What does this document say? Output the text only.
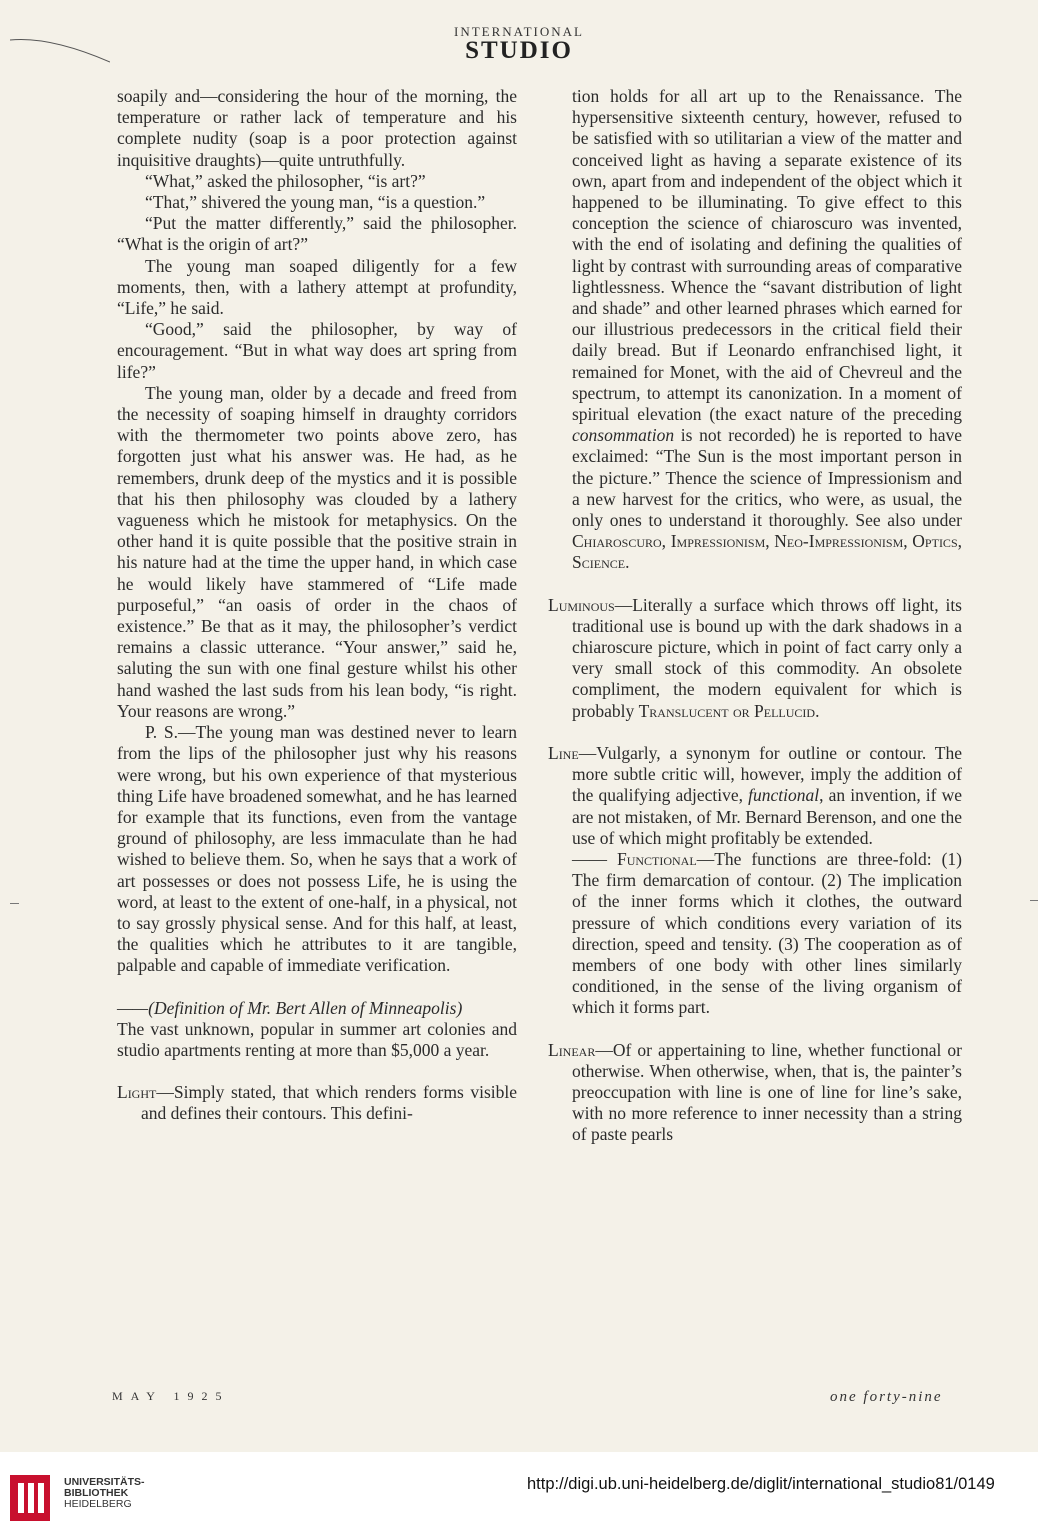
INTERNATIONAL
STUDIO

soapily and—considering the hour of the morning, the temperature or rather lack of temperature and his complete nudity (soap is a poor protection against inquisitive draughts)—quite untruthfully.

“What,” asked the philosopher, “is art?”

“That,” shivered the young man, “is a question.”

“Put the matter differently,” said the philosopher. “What is the origin of art?”

The young man soaped diligently for a few moments, then, with a lathery attempt at profundity, “Life,” he said.

“Good,” said the philosopher, by way of encouragement. “But in what way does art spring from life?”

The young man, older by a decade and freed from the necessity of soaping himself in draughty corridors with the thermometer two points above zero, has forgotten just what his answer was. He had, as he remembers, drunk deep of the mystics and it is possible that his then philosophy was clouded by a lathery vagueness which he mistook for metaphysics. On the other hand it is quite possible that the positive strain in his nature had at the time the upper hand, in which case he would likely have stammered of “Life made purposeful,” “an oasis of order in the chaos of existence.” Be that as it may, the philosopher’s verdict remains a classic utterance. “Your answer,” said he, saluting the sun with one final gesture whilst his other hand washed the last suds from his lean body, “is right. Your reasons are wrong.”

P. S.—The young man was destined never to learn from the lips of the philosopher just why his reasons were wrong, but his own experience of that mysterious thing Life have broadened somewhat, and he has learned for example that its functions, even from the vantage ground of philosophy, are less immaculate than he had wished to believe them. So, when he says that a work of art possesses or does not possess Life, he is using the word, at least to the extent of one-half, in a physical, not to say grossly physical sense. And for this half, at least, the qualities which he attributes to it are tangible, palpable and capable of immediate verification.

——(Definition of Mr. Bert Allen of Minneapolis)

The vast unknown, popular in summer art colonies and studio apartments renting at more than $5,000 a year.

Light—Simply stated, that which renders forms visible and defines their contours. This defini-

tion holds for all art up to the Renaissance. The hypersensitive sixteenth century, however, refused to be satisfied with so utilitarian a view of the matter and conceived light as having a separate existence of its own, apart from and independent of the object which it happened to be illuminating. To give effect to this conception the science of chiaroscuro was invented, with the end of isolating and defining the qualities of light by contrast with surrounding areas of comparative lightlessness. Whence the “savant distribution of light and shade” and other learned phrases which earned for our illustrious predecessors in the critical field their daily bread. But if Leonardo enfranchised light, it remained for Monet, with the aid of Chevreul and the spectrum, to attempt its canonization. In a moment of spiritual elevation (the exact nature of the preceding consommation is not recorded) he is reported to have exclaimed: “The Sun is the most important person in the picture.” Thence the science of Impressionism and a new harvest for the critics, who were, as usual, the only ones to understand it thoroughly. See also under Chiaroscuro, Impressionism, Neo-Impressionism, Optics, Science.

Luminous—Literally a surface which throws off light, its traditional use is bound up with the dark shadows in a chiaroscure picture, which in point of fact carry only a very small stock of this commodity. An obsolete compliment, the modern equivalent for which is probably Translucent or Pellucid.

Line—Vulgarly, a synonym for outline or contour. The more subtle critic will, however, imply the addition of the qualifying adjective, functional, an invention, if we are not mistaken, of Mr. Bernard Berenson, and one the use of which might profitably be extended.

—— Functional—The functions are three-fold: (1) The firm demarcation of contour. (2) The implication of the inner forms which it clothes, the outward pressure of which conditions every variation of its direction, speed and tensity. (3) The cooperation as of members of one body with other lines similarly conditioned, in the sense of the living organism of which it forms part.

Linear—Of or appertaining to line, whether functional or otherwise. When otherwise, when, that is, the painter’s preoccupation with line is one of line for line’s sake, with no more reference to inner necessity than a string of paste pearls

MAY 1925	one forty-nine
UNIVERSITÄTS-
BIBLIOTHEK
HEIDELBERG
http://digi.ub.uni-heidelberg.de/diglit/international_studio81/0149
